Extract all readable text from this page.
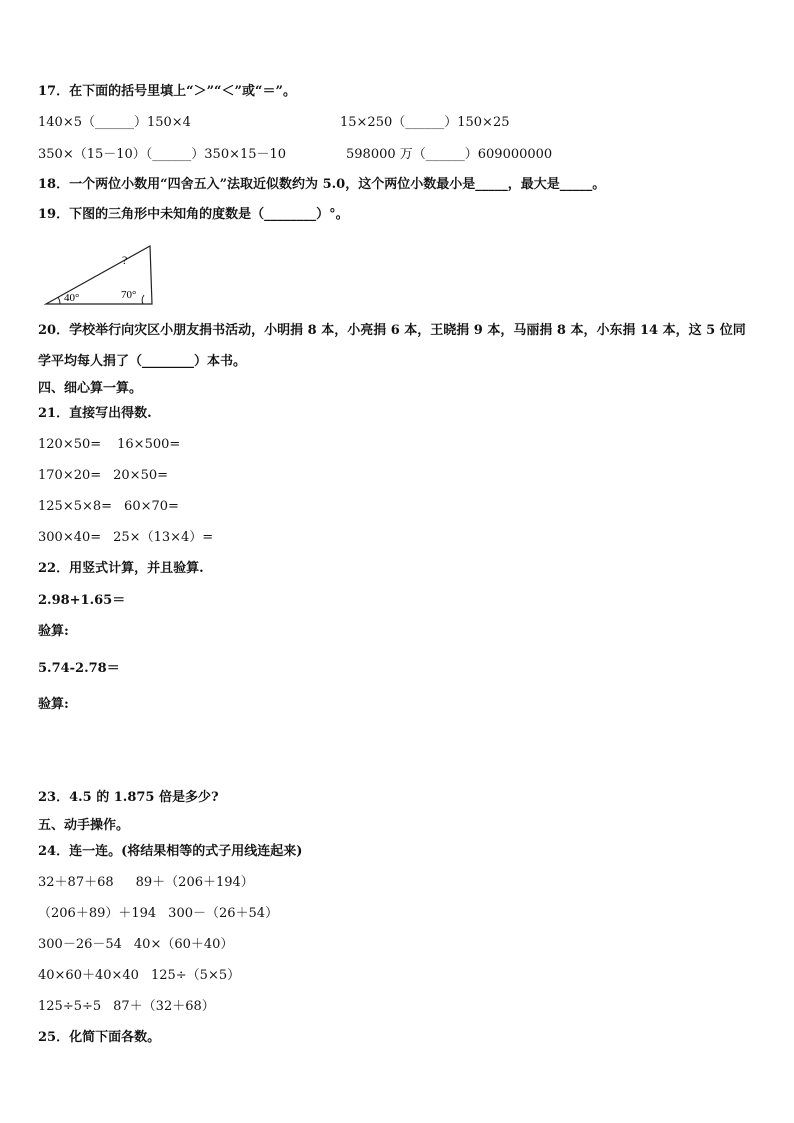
17．在下面的括号里填上“＞”“＜”或“＝”。
140×5（______）150×4	15×250（______）150×25
350×（15－10）（______）350×15－10	598000 万（______）609000000
18．一个两位小数用“四舍五入”法取近似数约为 5.0，这个两位小数最小是_____，最大是_____。
19．下图的三角形中未知角的度数是（________）°。
?
40°	70°
20．学校举行向灾区小朋友捐书活动，小明捐 8 本，小亮捐 6 本，王晓捐 9 本，马丽捐 8 本，小东捐 14 本，这 5 位同
学平均每人捐了（________）本书。
四、细心算一算。
21．直接写出得数.
120×50= 16×500=
170×20= 20×50=
125×5×8= 60×70=
300×40= 25×（13×4）=
22．用竖式计算，并且验算.
2.98+1.65＝
验算:
5.74-2.78＝
验算:
23．4.5 的 1.875 倍是多少?
五、动手操作。
24．连一连。(将结果相等的式子用线连起来)
32＋87＋68 89＋（206＋194）
（206＋89）＋194 300－（26＋54）
300－26－54 40×（60＋40）
40×60＋40×40 125÷（5×5）
125÷5÷5 87＋（32＋68）
25．化简下面各数。
